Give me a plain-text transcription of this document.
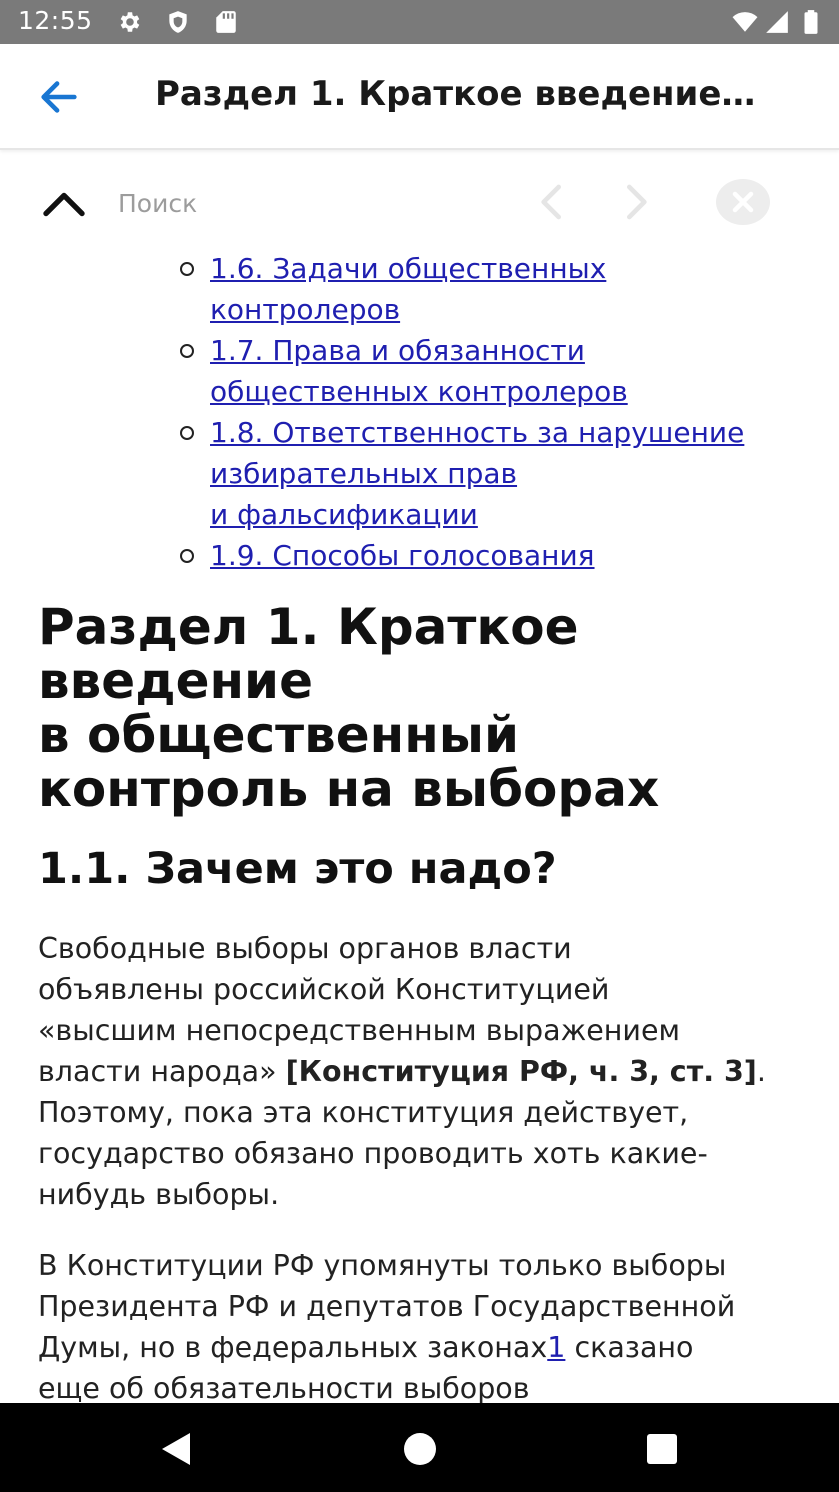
12:55
Раздел 1. Краткое введение…
Поиск
1.6. Задачи общественных
контролеров
1.7. Права и обязанности
общественных контролеров
1.8. Ответственность за нарушение
избирательных прав
и фальсификации
1.9. Способы голосования
Раздел 1. Краткое
введение
в общественный
контроль на выборах
1.1. Зачем это надо?

Свободные выборы органов власти
объявлены российской Конституцией
«высшим непосредственным выражением
власти народа» [Конституция РФ, ч. 3, ст. 3].
Поэтому, пока эта конституция действует,
государство обязано проводить хоть какие-
нибудь выборы.

В Конституции РФ упомянуты только выборы
Президента РФ и депутатов Государственной
Думы, но в федеральных законах1 сказано
еще об обязательности выборов
